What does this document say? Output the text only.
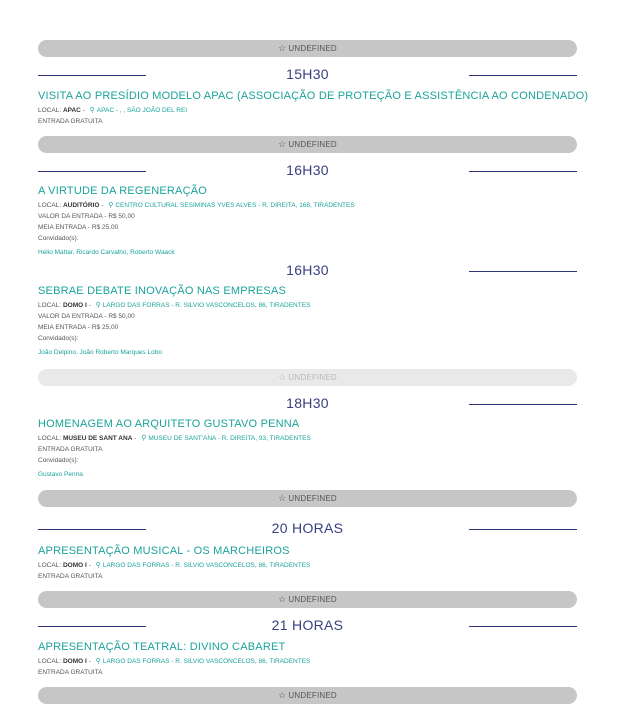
☆ UNDEFINED
15H30
VISITA AO PRESÍDIO MODELO APAC (ASSOCIAÇÃO DE PROTEÇÃO E ASSISTÊNCIA AO CONDENADO)
LOCAL: APAC - ⚲ APAC - , , SÃO JOÃO DEL REI
ENTRADA GRATUITA
☆ UNDEFINED
16H30
A VIRTUDE DA REGENERAÇÃO
LOCAL: AUDITÓRIO - ⚲ CENTRO CULTURAL SESIMINAS YVES ALVES - R. DIREITA, 168, TIRADENTES
VALOR DA ENTRADA - R$ 50,00
MEIA ENTRADA - R$ 25,00
Convidado(s):
Helio Mattar, Ricardo Carvalho, Roberto Waack
16H30
SEBRAE DEBATE INOVAÇÃO NAS EMPRESAS
LOCAL: DOMO I - ⚲ LARGO DAS FORRAS - R. SILVIO VASCONCELOS, 86, TIRADENTES
VALOR DA ENTRADA - R$ 50,00
MEIA ENTRADA - R$ 25,00
Convidado(s):
João Delpino, João Roberto Marques Lobo
☆ UNDEFINED
18H30
HOMENAGEM AO ARQUITETO GUSTAVO PENNA
LOCAL: MUSEU DE SANT ANA - ⚲ MUSEU DE SANT'ANA - R. DIREITA, 93, TIRADENTES
ENTRADA GRATUITA
Convidado(s):
Gustavo Penna
☆ UNDEFINED
20 HORAS
APRESENTAÇÃO MUSICAL - OS MARCHEIROS
LOCAL: DOMO I - ⚲ LARGO DAS FORRAS - R. SILVIO VASCONCELOS, 86, TIRADENTES
ENTRADA GRATUITA
☆ UNDEFINED
21 HORAS
APRESENTAÇÃO TEATRAL: DIVINO CABARET
LOCAL: DOMO I - ⚲ LARGO DAS FORRAS - R. SILVIO VASCONCELOS, 86, TIRADENTES
ENTRADA GRATUITA
☆ UNDEFINED
